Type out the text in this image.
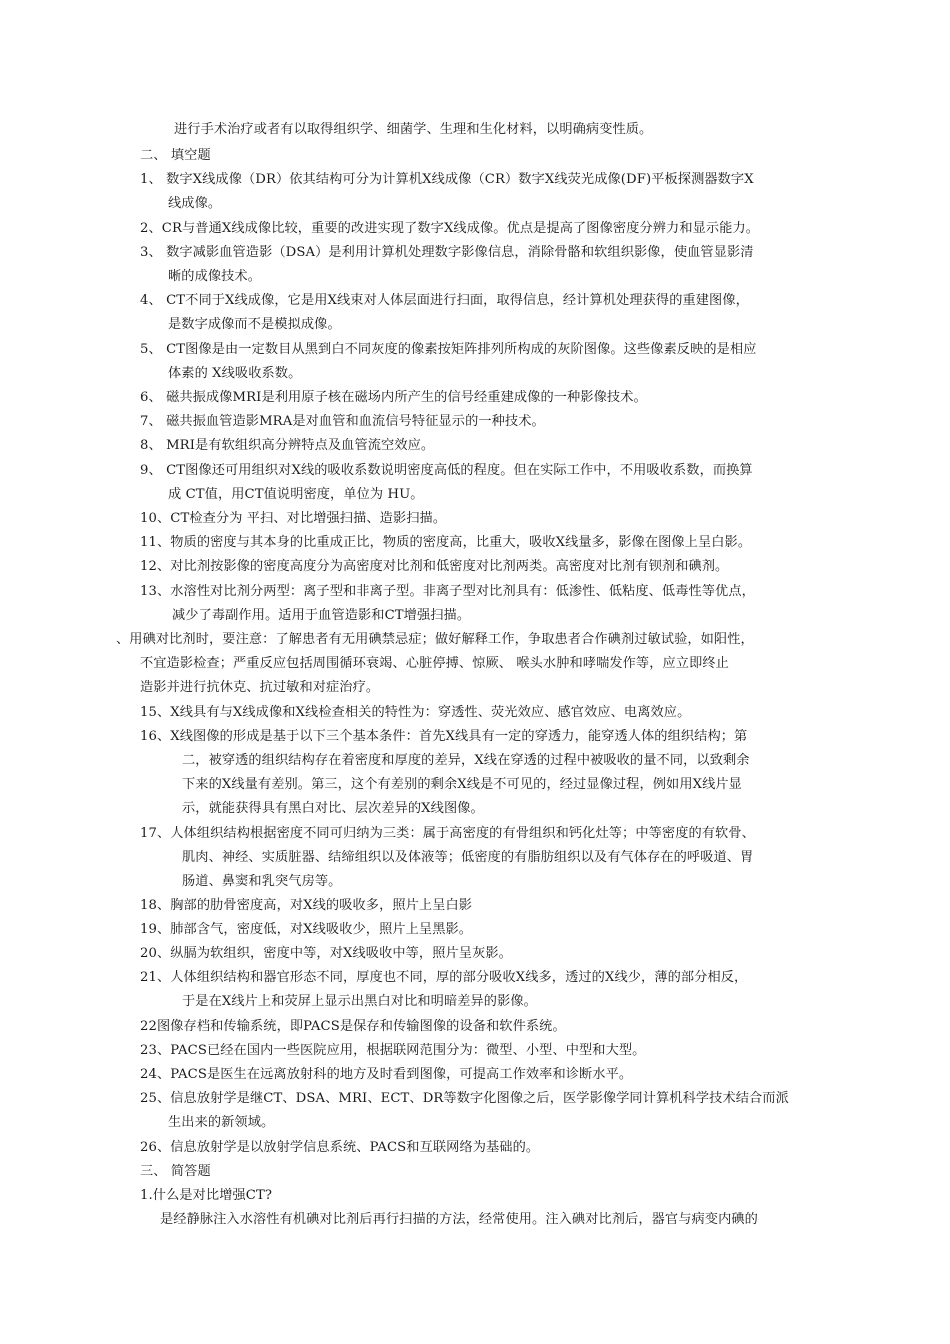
进行手术治疗或者有以取得组织学、细菌学、生理和生化材料，以明确病变性质。
二、 填空题
1、 数字X线成像（DR）依其结构可分为计算机X线成像（CR）数字X线荧光成像(DF)平板探测器数字X
线成像。
2、CR与普通X线成像比较，重要的改进实现了数字X线成像。优点是提高了图像密度分辨力和显示能力。
3、 数字减影血管造影（DSA）是利用计算机处理数字影像信息，消除骨骼和软组织影像，使血管显影清
晰的成像技术。
4、 CT不同于X线成像，它是用X线束对人体层面进行扫面，取得信息，经计算机处理获得的重建图像，
是数字成像而不是模拟成像。
5、 CT图像是由一定数目从黑到白不同灰度的像素按矩阵排列所构成的灰阶图像。这些像素反映的是相应
体素的 X线吸收系数。
6、 磁共振成像MRI是利用原子核在磁场内所产生的信号经重建成像的一种影像技术。
7、 磁共振血管造影MRA是对血管和血流信号特征显示的一种技术。
8、 MRI是有软组织高分辨特点及血管流空效应。
9、 CT图像还可用组织对X线的吸收系数说明密度高低的程度。但在实际工作中，不用吸收系数，而换算
成 CT值，用CT值说明密度，单位为 HU。
10、CT检查分为 平扫、对比增强扫描、造影扫描。
11、物质的密度与其本身的比重成正比，物质的密度高，比重大，吸收X线量多，影像在图像上呈白影。
12、对比剂按影像的密度高度分为高密度对比剂和低密度对比剂两类。高密度对比剂有钡剂和碘剂。
13、水溶性对比剂分两型：离子型和非离子型。非离子型对比剂具有：低渗性、低粘度、低毒性等优点，
减少了毒副作用。适用于血管造影和CT增强扫描。
、用碘对比剂时，要注意：了解患者有无用碘禁忌症；做好解释工作，争取患者合作碘剂过敏试验，如阳性，
不宜造影检查；严重反应包括周围循环衰竭、心脏停搏、惊厥、 喉头水肿和哮喘发作等，应立即终止
造影并进行抗休克、抗过敏和对症治疗。
15、X线具有与X线成像和X线检查相关的特性为：穿透性、荧光效应、感官效应、电离效应。
16、X线图像的形成是基于以下三个基本条件：首先X线具有一定的穿透力，能穿透人体的组织结构；第
二，被穿透的组织结构存在着密度和厚度的差异，X线在穿透的过程中被吸收的量不同，以致剩余
下来的X线量有差别。第三，这个有差别的剩余X线是不可见的，经过显像过程，例如用X线片显
示，就能获得具有黑白对比、层次差异的X线图像。
17、人体组织结构根据密度不同可归纳为三类：属于高密度的有骨组织和钙化灶等；中等密度的有软骨、
肌肉、神经、实质脏器、结缔组织以及体液等；低密度的有脂肪组织以及有气体存在的呼吸道、胃
肠道、鼻窦和乳突气房等。
18、胸部的肋骨密度高，对X线的吸收多，照片上呈白影
19、肺部含气，密度低，对X线吸收少，照片上呈黑影。
20、纵膈为软组织，密度中等，对X线吸收中等，照片呈灰影。
21、人体组织结构和器官形态不同，厚度也不同，厚的部分吸收X线多，透过的X线少，薄的部分相反，
于是在X线片上和荧屏上显示出黑白对比和明暗差异的影像。
22图像存档和传输系统，即PACS是保存和传输图像的设备和软件系统。
23、PACS已经在国内一些医院应用，根据联网范围分为：微型、小型、中型和大型。
24、PACS是医生在远离放射科的地方及时看到图像，可提高工作效率和诊断水平。
25、信息放射学是继CT、DSA、MRI、ECT、DR等数字化图像之后，医学影像学同计算机科学技术结合而派
生出来的新领域。
26、信息放射学是以放射学信息系统、PACS和互联网络为基础的。
三、 简答题
1.什么是对比增强CT?
是经静脉注入水溶性有机碘对比剂后再行扫描的方法，经常使用。注入碘对比剂后，器官与病变内碘的
